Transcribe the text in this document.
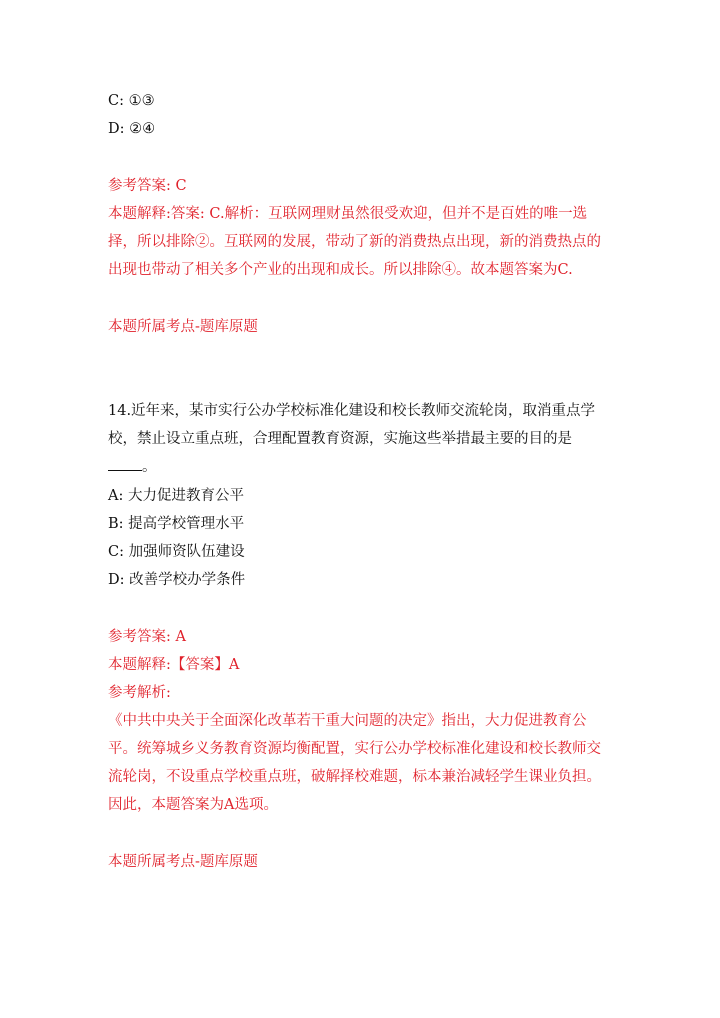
C: ①③
D: ②④
参考答案: C
本题解释:答案: C.解析：互联网理财虽然很受欢迎，但并不是百姓的唯一选
择，所以排除②。互联网的发展，带动了新的消费热点出现，新的消费热点的
出现也带动了相关多个产业的出现和成长。所以排除④。故本题答案为C.
本题所属考点-题库原题
14.近年来，某市实行公办学校标准化建设和校长教师交流轮岗，取消重点学
校，禁止设立重点班，合理配置教育资源，实施这些举措最主要的目的是
。
A: 大力促进教育公平
B: 提高学校管理水平
C: 加强师资队伍建设
D: 改善学校办学条件
参考答案: A
本题解释:【答案】A
参考解析:
《中共中央关于全面深化改革若干重大问题的决定》指出，大力促进教育公
平。统筹城乡义务教育资源均衡配置，实行公办学校标准化建设和校长教师交
流轮岗，不设重点学校重点班，破解择校难题，标本兼治减轻学生课业负担。
因此，本题答案为A选项。
本题所属考点-题库原题
